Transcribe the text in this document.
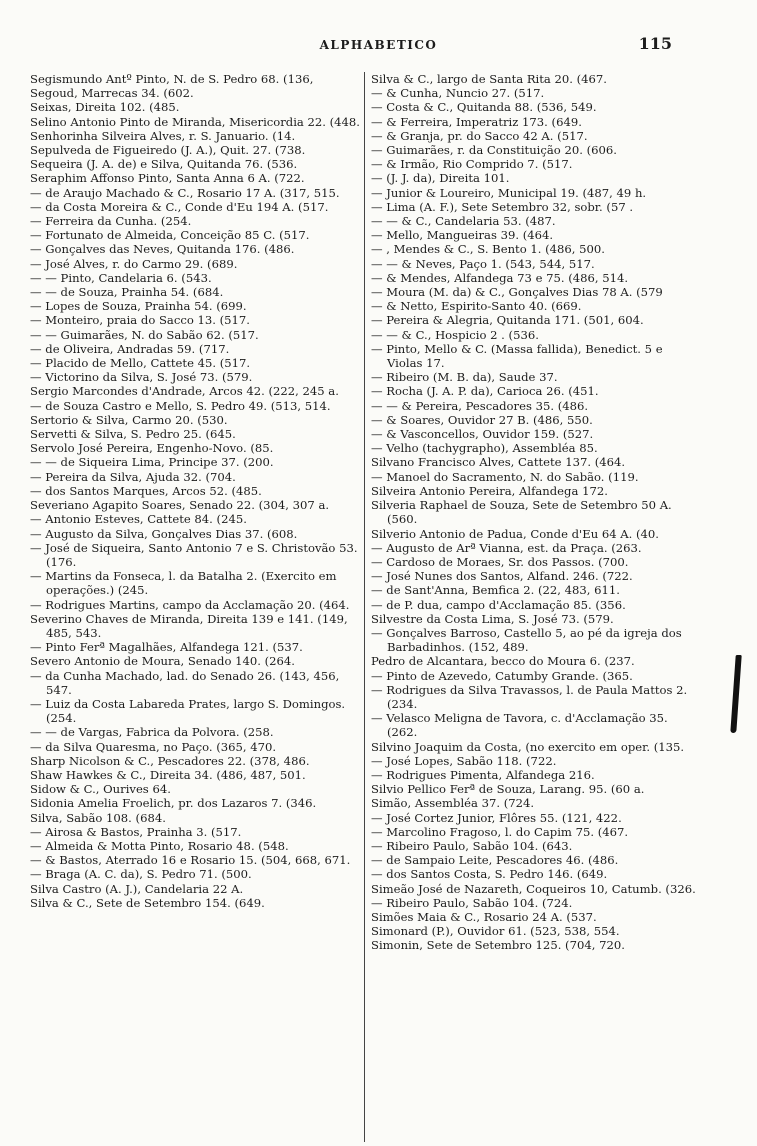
ALPHABETICO	115
Segismundo Antº Pinto, N. de S. Pedro 68. (136,
Segoud, Marrecas 34. (602.
Seixas, Direita 102. (485.
Selino Antonio Pinto de Miranda, Misericordia 22. (448.
Senhorinha Silveira Alves, r. S. Januario. (14.
Sepulveda de Figueiredo (J. A.), Quit. 27. (738.
Sequeira (J. A. de) e Silva, Quitanda 76. (536.
Seraphim Affonso Pinto, Santa Anna 6 A. (722.
— de Araujo Machado & C., Rosario 17 A. (317, 515.
— da Costa Moreira & C., Conde d'Eu 194 A. (517.
— Ferreira da Cunha. (254.
— Fortunato de Almeida, Conceição 85 C. (517.
— Gonçalves das Neves, Quitanda 176. (486.
— José Alves, r. do Carmo 29. (689.
— — Pinto, Candelaria 6. (543.
— — de Souza, Prainha 54. (684.
— Lopes de Souza, Prainha 54. (699.
— Monteiro, praia do Sacco 13. (517.
— — Guimarães, N. do Sabão 62. (517.
— de Oliveira, Andradas 59. (717.
— Placido de Mello, Cattete 45. (517.
— Victorino da Silva, S. José 73. (579.
Sergio Marcondes d'Andrade, Arcos 42. (222, 245 a.
— de Souza Castro e Mello, S. Pedro 49. (513, 514.
Sertorio & Silva, Carmo 20. (530.
Servetti & Silva, S. Pedro 25. (645.
Servolo José Pereira, Engenho-Novo. (85.
— — de Siqueira Lima, Principe 37. (200.
— Pereira da Silva, Ajuda 32. (704.
— dos Santos Marques, Arcos 52. (485.
Severiano Agapito Soares, Senado 22. (304, 307 a.
— Antonio Esteves, Cattete 84. (245.
— Augusto da Silva, Gonçalves Dias 37. (608.
— José de Siqueira, Santo Antonio 7 e S. Christovão 53. (176.
— Martins da Fonseca, l. da Batalha 2. (Exercito em operações.) (245.
— Rodrigues Martins, campo da Acclamação 20. (464.
Severino Chaves de Miranda, Direita 139 e 141. (149, 485, 543.
— Pinto Ferª Magalhães, Alfandega 121. (537.
Severo Antonio de Moura, Senado 140. (264.
— da Cunha Machado, lad. do Senado 26. (143, 456, 547.
— Luiz da Costa Labareda Prates, largo S. Domingos. (254.
— — de Vargas, Fabrica da Polvora. (258.
— da Silva Quaresma, no Paço. (365, 470.
Sharp Nicolson & C., Pescadores 22. (378, 486.
Shaw Hawkes & C., Direita 34. (486, 487, 501.
Sidow & C., Ourives 64.
Sidonia Amelia Froelich, pr. dos Lazaros 7. (346.
Silva, Sabão 108. (684.
— Airosa & Bastos, Prainha 3. (517.
— Almeida & Motta Pinto, Rosario 48. (548.
— & Bastos, Aterrado 16 e Rosario 15. (504, 668, 671.
— Braga (A. C. da), S. Pedro 71. (500.
Silva Castro (A. J.), Candelaria 22 A.
Silva & C., Sete de Setembro 154. (649.
Silva & C., largo de Santa Rita 20. (467.
— & Cunha, Nuncio 27. (517.
— Costa & C., Quitanda 88. (536, 549.
— & Ferreira, Imperatriz 173. (649.
— & Granja, pr. do Sacco 42 A. (517.
— Guimarães, r. da Constituição 20. (606.
— & Irmão, Rio Comprido 7. (517.
— (J. J. da), Direita 101.
— Junior & Loureiro, Municipal 19. (487, 49 h.
— Lima (A. F.), Sete Setembro 32, sobr. (57 .
— — & C., Candelaria 53. (487.
— Mello, Mangueiras 39. (464.
— , Mendes & C., S. Bento 1. (486, 500.
— — & Neves, Paço 1. (543, 544, 517.
— & Mendes, Alfandega 73 e 75. (486, 514.
— Moura (M. da) & C., Gonçalves Dias 78 A. (579
— & Netto, Espirito-Santo 40. (669.
— Pereira & Alegria, Quitanda 171. (501, 604.
— — & C., Hospicio 2 . (536.
— Pinto, Mello & C. (Massa fallida), Benedict. 5 e Violas 17.
— Ribeiro (M. B. da), Saude 37.
— Rocha (J. A. P. da), Carioca 26. (451.
— — & Pereira, Pescadores 35. (486.
— & Soares, Ouvidor 27 B. (486, 550.
— & Vasconcellos, Ouvidor 159. (527.
— Velho (tachygrapho), Assembléa 85.
Silvano Francisco Alves, Cattete 137. (464.
— Manoel do Sacramento, N. do Sabão. (119.
Silveira Antonio Pereira, Alfandega 172.
Silveria Raphael de Souza, Sete de Setembro 50 A. (560.
Silverio Antonio de Padua, Conde d'Eu 64 A. (40.
— Augusto de Arª Vianna, est. da Praça. (263.
— Cardoso de Moraes, Sr. dos Passos. (700.
— José Nunes dos Santos, Alfand. 246. (722.
— de Sant'Anna, Bemfica 2. (22, 483, 611.
— de P. dua, campo d'Acclamação 85. (356.
Silvestre da Costa Lima, S. José 73. (579.
— Gonçalves Barroso, Castello 5, ao pé da igreja dos Barbadinhos. (152, 489.
Pedro de Alcantara, becco do Moura 6. (237.
— Pinto de Azevedo, Catumby Grande. (365.
— Rodrigues da Silva Travassos, l. de Paula Mattos 2. (234.
— Velasco Meligna de Tavora, c. d'Acclamação 35. (262.
Silvino Joaquim da Costa, (no exercito em oper. (135.
— José Lopes, Sabão 118. (722.
— Rodrigues Pimenta, Alfandega 216.
Silvio Pellico Ferª de Souza, Larang. 95. (60 a.
Simão, Assembléa 37. (724.
— José Cortez Junior, Flôres 55. (121, 422.
— Marcolino Fragoso, l. do Capim 75. (467.
— Ribeiro Paulo, Sabão 104. (643.
— de Sampaio Leite, Pescadores 46. (486.
— dos Santos Costa, S. Pedro 146. (649.
Simeão José de Nazareth, Coqueiros 10, Catumb. (326.
— Ribeiro Paulo, Sabão 104. (724.
Simões Maia & C., Rosario 24 A. (537.
Simonard (P.), Ouvidor 61. (523, 538, 554.
Simonin, Sete de Setembro 125. (704, 720.
